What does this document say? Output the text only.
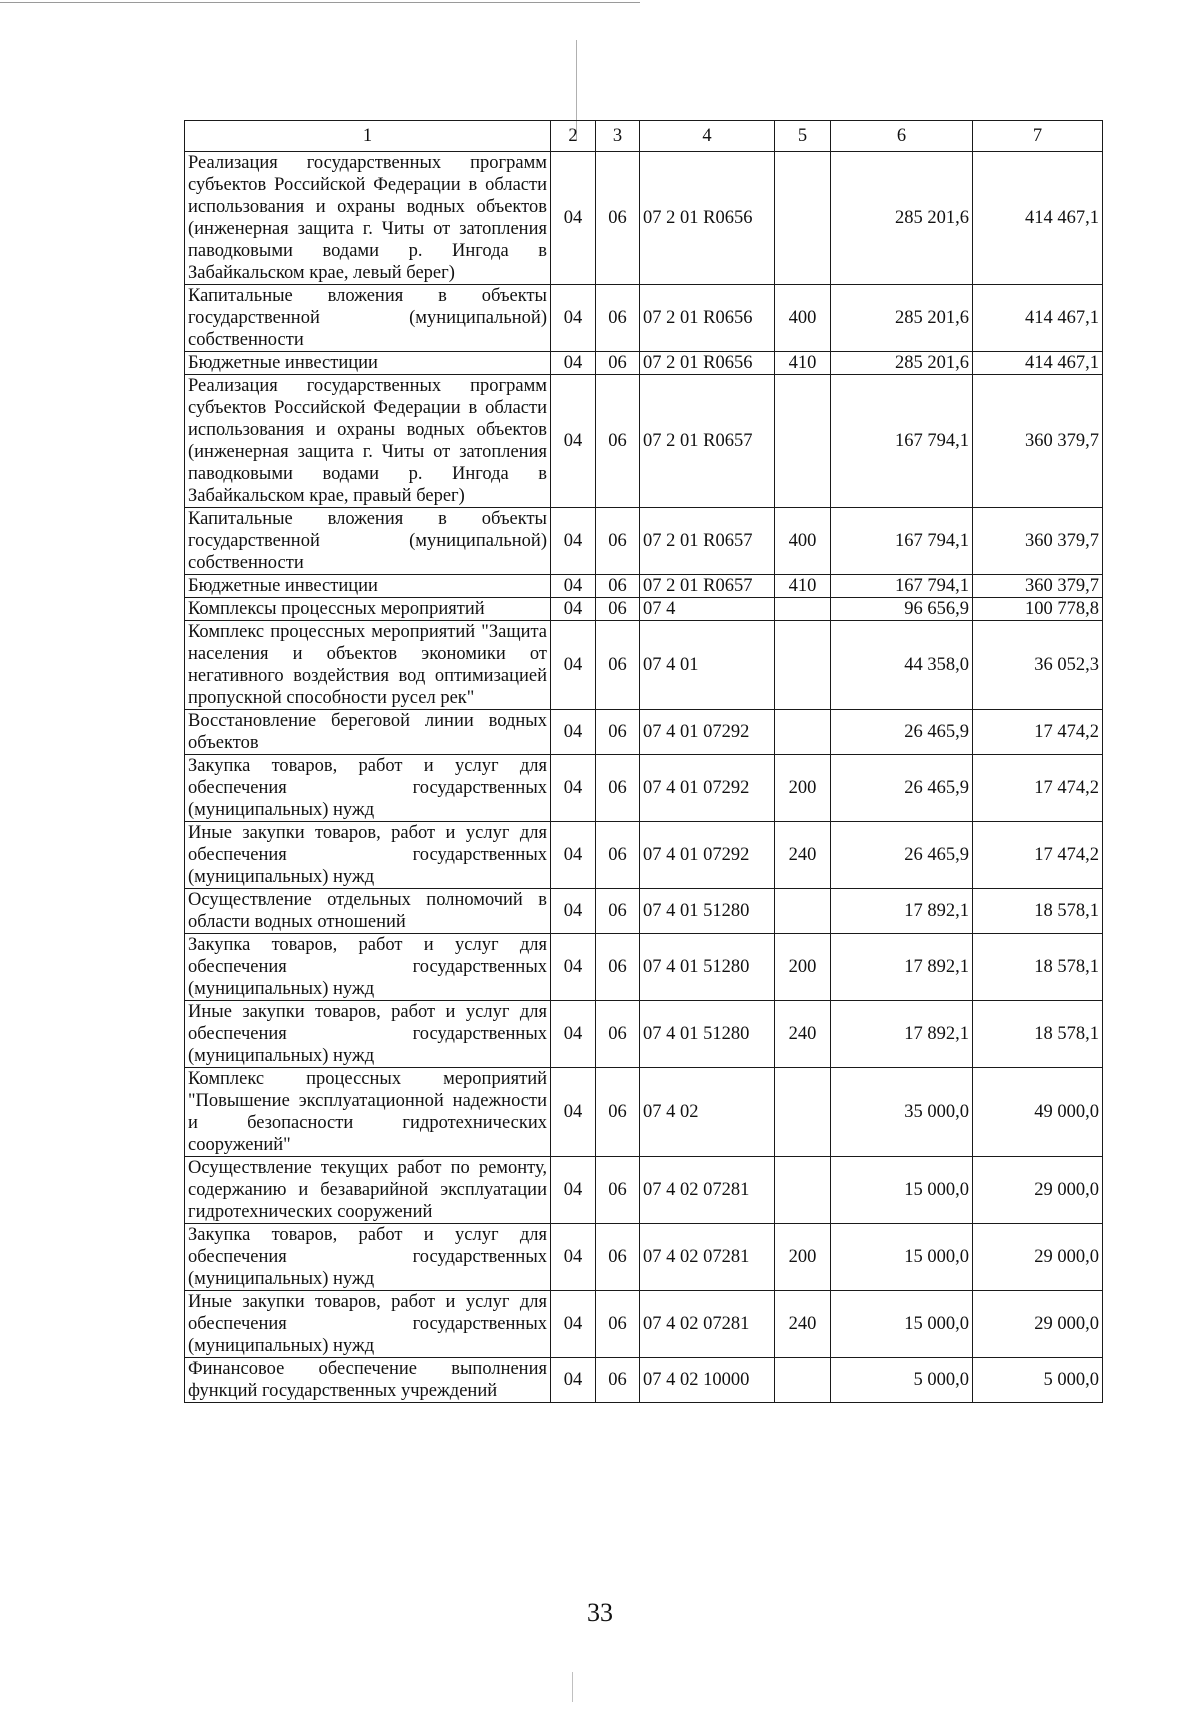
1	2	3	4	5	6	7
Реализация государственных программ субъектов Российской Федерации в области использования и охраны водных объектов (инженерная защита г. Читы от затопления паводковыми водами р. Ингода в Забайкальском крае, левый берег)	04	06	07 2 01 R0656		285 201,6	414 467,1
Капитальные вложения в объекты государственной (муниципальной) собственности	04	06	07 2 01 R0656	400	285 201,6	414 467,1
Бюджетные инвестиции	04	06	07 2 01 R0656	410	285 201,6	414 467,1
Реализация государственных программ субъектов Российской Федерации в области использования и охраны водных объектов (инженерная защита г. Читы от затопления паводковыми водами р. Ингода в Забайкальском крае, правый берег)	04	06	07 2 01 R0657		167 794,1	360 379,7
Капитальные вложения в объекты государственной (муниципальной) собственности	04	06	07 2 01 R0657	400	167 794,1	360 379,7
Бюджетные инвестиции	04	06	07 2 01 R0657	410	167 794,1	360 379,7
Комплексы процессных мероприятий	04	06	07 4		96 656,9	100 778,8
Комплекс процессных мероприятий "Защита населения и объектов экономики от негативного воздействия вод оптимизацией пропускной способности русел рек"	04	06	07 4 01		44 358,0	36 052,3
Восстановление береговой линии водных объектов	04	06	07 4 01 07292		26 465,9	17 474,2
Закупка товаров, работ и услуг для обеспечения государственных (муниципальных) нужд	04	06	07 4 01 07292	200	26 465,9	17 474,2
Иные закупки товаров, работ и услуг для обеспечения государственных (муниципальных) нужд	04	06	07 4 01 07292	240	26 465,9	17 474,2
Осуществление отдельных полномочий в области водных отношений	04	06	07 4 01 51280		17 892,1	18 578,1
Закупка товаров, работ и услуг для обеспечения государственных (муниципальных) нужд	04	06	07 4 01 51280	200	17 892,1	18 578,1
Иные закупки товаров, работ и услуг для обеспечения государственных (муниципальных) нужд	04	06	07 4 01 51280	240	17 892,1	18 578,1
Комплекс процессных мероприятий "Повышение эксплуатационной надежности и безопасности гидротехнических сооружений"	04	06	07 4 02		35 000,0	49 000,0
Осуществление текущих работ по ремонту, содержанию и безаварийной эксплуатации гидротехнических сооружений	04	06	07 4 02 07281		15 000,0	29 000,0
Закупка товаров, работ и услуг для обеспечения государственных (муниципальных) нужд	04	06	07 4 02 07281	200	15 000,0	29 000,0
Иные закупки товаров, работ и услуг для обеспечения государственных (муниципальных) нужд	04	06	07 4 02 07281	240	15 000,0	29 000,0
Финансовое обеспечение выполнения функций государственных учреждений	04	06	07 4 02 10000		5 000,0	5 000,0
33
